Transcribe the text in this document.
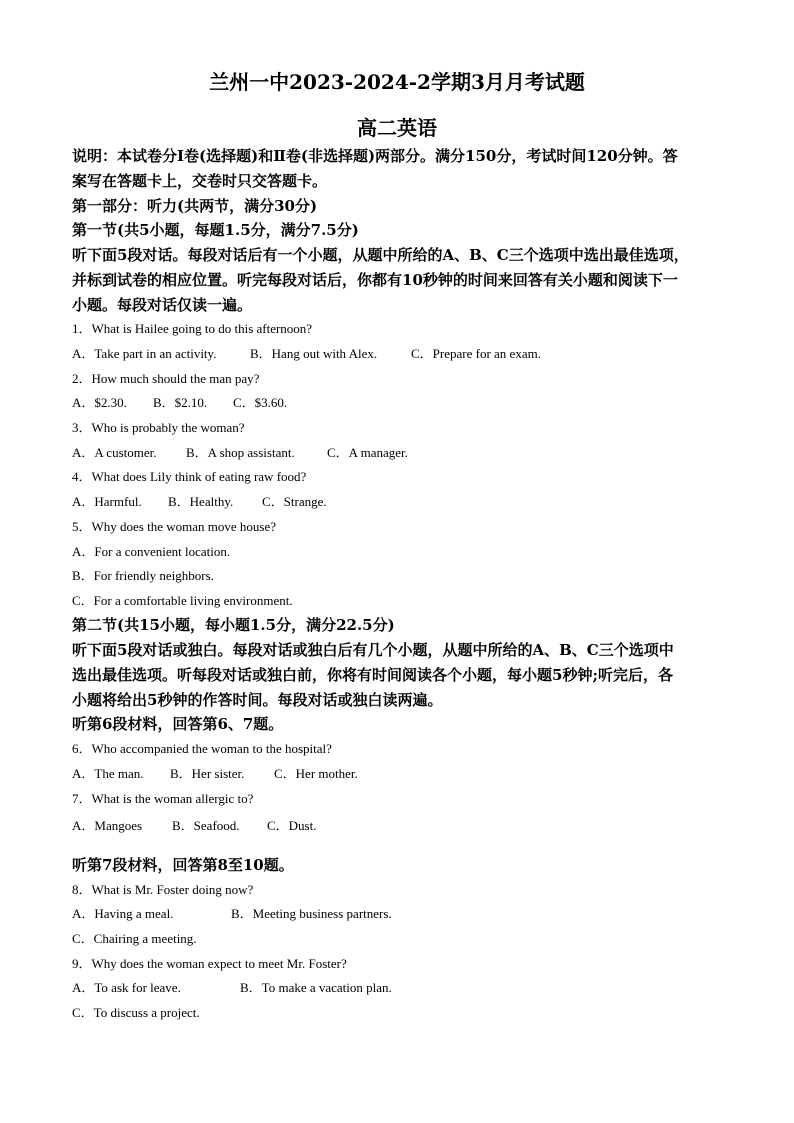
兰州一中2023-2024-2学期3月月考试题
高二英语
说明：本试卷分Ⅰ卷(选择题)和Ⅱ卷(非选择题)两部分。满分150分，考试时间120分钟。答
案写在答题卡上，交卷时只交答题卡。
第一部分：听力(共两节，满分30分)
第一节(共5小题，每题1.5分，满分7.5分)
听下面5段对话。每段对话后有一个小题，从题中所给的A、B、C三个选项中选出最佳选项，
并标到试卷的相应位置。听完每段对话后，你都有10秒钟的时间来回答有关小题和阅读下一
小题。每段对话仅读一遍。
1．What is Hailee going to do this afternoon?
A．Take part in an activity.	B．Hang out with Alex.	C．Prepare for an exam.
2．How much should the man pay?
A．$2.30. B．$2.10. C．$3.60.
3．Who is probably the woman?
A．A customer. B．A shop assistant. C．A manager.
4．What does Lily think of eating raw food?
A．Harmful. B．Healthy. C．Strange.
5．Why does the woman move house?
A．For a convenient location.
B．For friendly neighbors.
C．For a comfortable living environment.
第二节(共15小题，每小题1.5分，满分22.5分)
听下面5段对话或独白。每段对话或独白后有几个小题，从题中所给的A、B、C三个选项中
选出最佳选项。听每段对话或独白前，你将有时间阅读各个小题，每小题5秒钟;听完后，各
小题将给出5秒钟的作答时间。每段对话或独白读两遍。
听第6段材料，回答第6、7题。
6．Who accompanied the woman to the hospital?
A．The man. B．Her sister. C．Her mother.
7．What is the woman allergic to?
A．Mangoes B．Seafood. C．Dust.
听第7段材料，回答第8至10题。
8．What is Mr. Foster doing now?
A．Having a meal.	B．Meeting business partners.
C．Chairing a meeting.
9．Why does the woman expect to meet Mr. Foster?
A．To ask for leave.	B．To make a vacation plan.
C．To discuss a project.
